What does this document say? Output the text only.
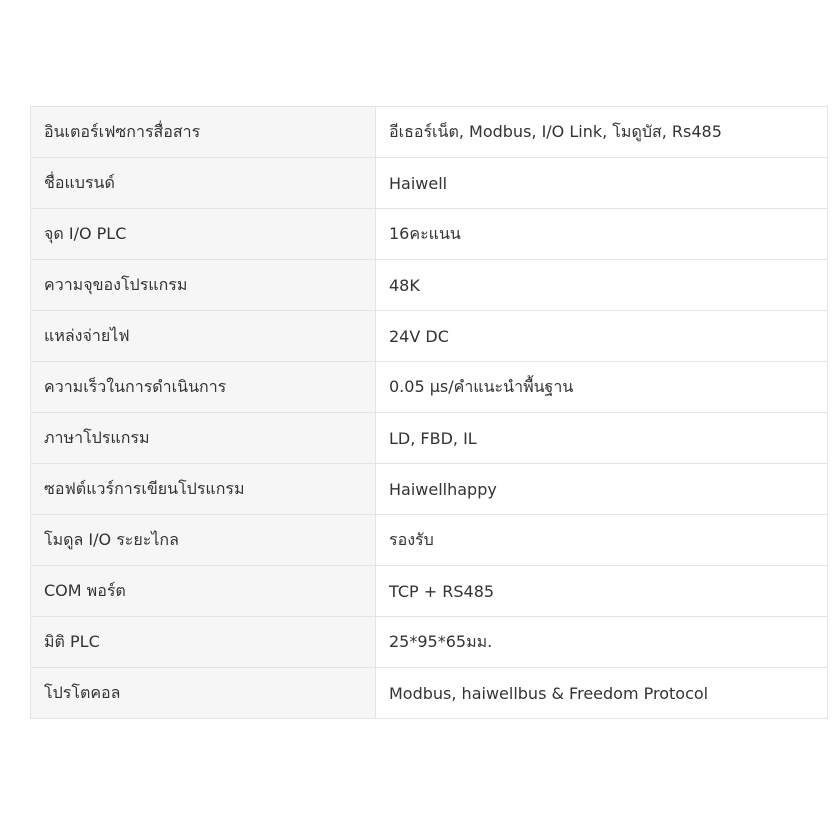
อินเตอร์เฟซการสื่อสาร	อีเธอร์เน็ต, Modbus, I/O Link, โมดูบัส, Rs485
ชื่อแบรนด์	Haiwell
จุด I/O PLC	16คะแนน
ความจุของโปรแกรม	48K
แหล่งจ่ายไฟ	24V DC
ความเร็วในการดำเนินการ	0.05 μs/คำแนะนำพื้นฐาน
ภาษาโปรแกรม	LD, FBD, IL
ซอฟต์แวร์การเขียนโปรแกรม	Haiwellhappy
โมดูล I/O ระยะไกล	รองรับ
COM พอร์ต	TCP + RS485
มิติ PLC	25*95*65มม.
โปรโตคอล	Modbus, haiwellbus & Freedom Protocol
